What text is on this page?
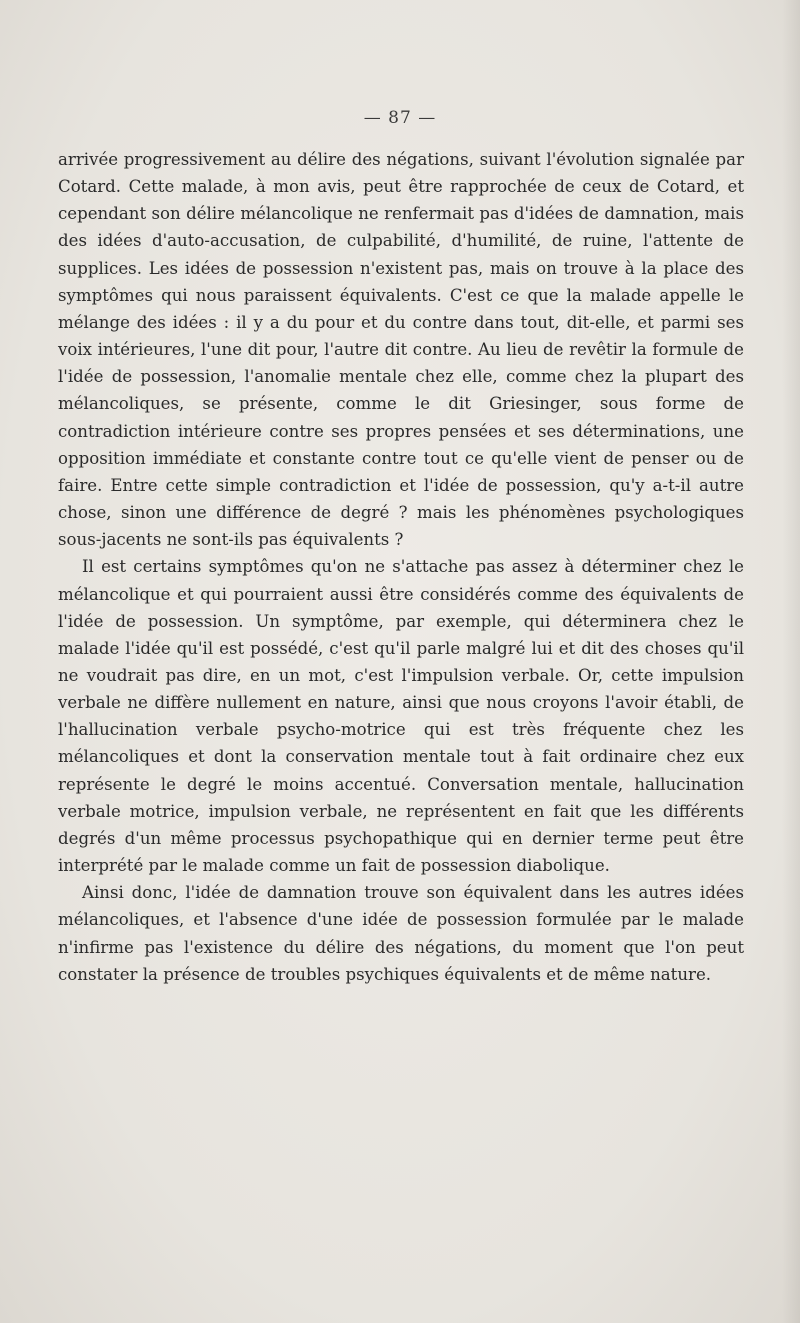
— 87 —

arrivée progressivement au délire des négations, suivant l'évolution signalée par Cotard. Cette malade, à mon avis, peut être rapprochée de ceux de Cotard, et cependant son délire mélancolique ne renfermait pas d'idées de damnation, mais des idées d'auto-accusation, de culpabilité, d'humilité, de ruine, l'attente de supplices. Les idées de possession n'existent pas, mais on trouve à la place des symptômes qui nous paraissent équivalents. C'est ce que la malade appelle le mélange des idées : il y a du pour et du contre dans tout, dit-elle, et parmi ses voix intérieures, l'une dit pour, l'autre dit contre. Au lieu de revêtir la formule de l'idée de possession, l'anomalie mentale chez elle, comme chez la plupart des mélancoliques, se présente, comme le dit Griesinger, sous forme de contradiction intérieure contre ses propres pensées et ses déterminations, une opposition immédiate et constante contre tout ce qu'elle vient de penser ou de faire. Entre cette simple contradiction et l'idée de possession, qu'y a-t-il autre chose, sinon une différence de degré ? mais les phénomènes psychologiques sous-jacents ne sont-ils pas équivalents ?

Il est certains symptômes qu'on ne s'attache pas assez à déterminer chez le mélancolique et qui pourraient aussi être considérés comme des équivalents de l'idée de possession. Un symptôme, par exemple, qui déterminera chez le malade l'idée qu'il est possédé, c'est qu'il parle malgré lui et dit des choses qu'il ne voudrait pas dire, en un mot, c'est l'impulsion verbale. Or, cette impulsion verbale ne diffère nullement en nature, ainsi que nous croyons l'avoir établi, de l'hallucination verbale psycho-motrice qui est très fréquente chez les mélancoliques et dont la conservation mentale tout à fait ordinaire chez eux représente le degré le moins accentué. Conversation mentale, hallucination verbale motrice, impulsion verbale, ne représentent en fait que les différents degrés d'un même processus psychopathique qui en dernier terme peut être interprété par le malade comme un fait de possession diabolique.

Ainsi donc, l'idée de damnation trouve son équivalent dans les autres idées mélancoliques, et l'absence d'une idée de possession formulée par le malade n'infirme pas l'existence du délire des négations, du moment que l'on peut constater la présence de troubles psychiques équivalents et de même nature.
